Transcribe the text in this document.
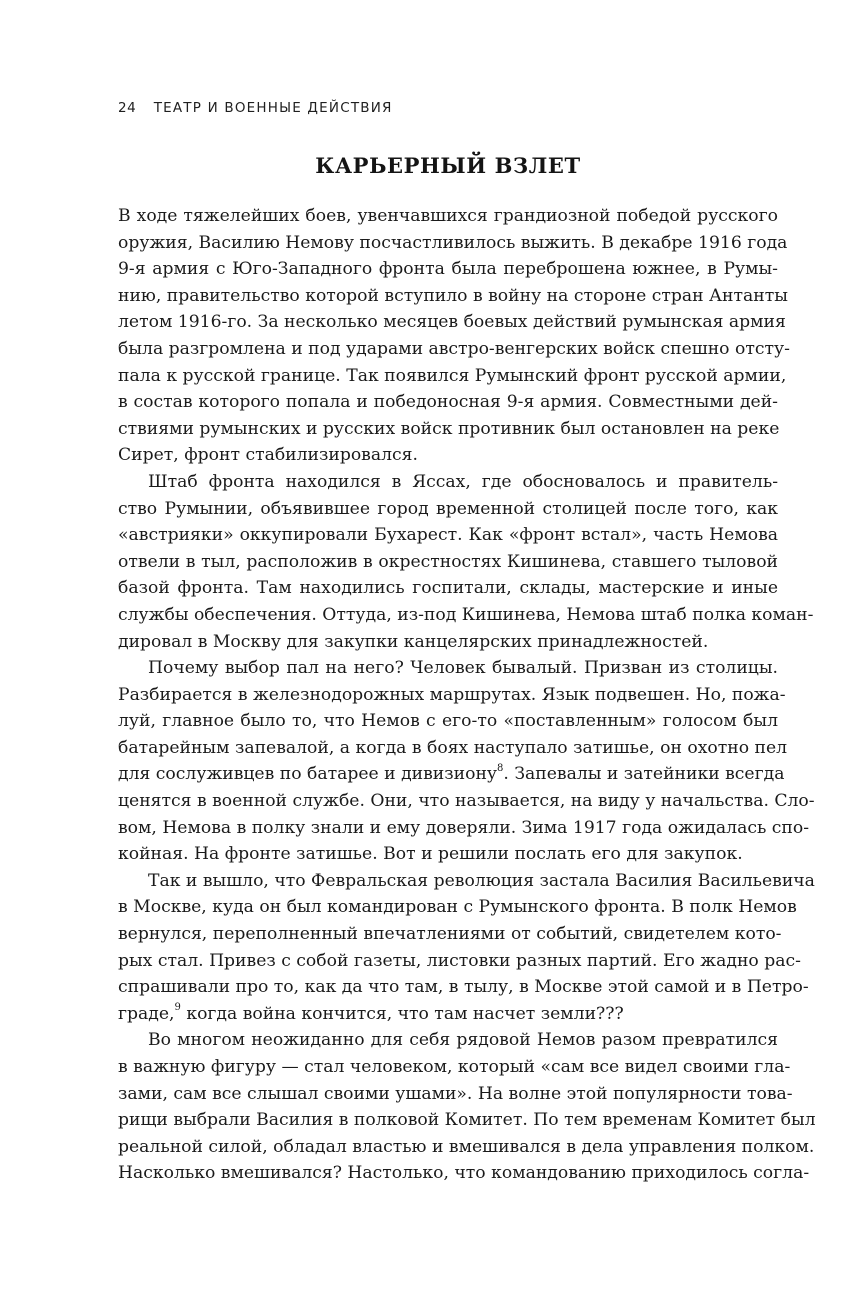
24 ТЕАТР И ВОЕННЫЕ ДЕЙСТВИЯ
КАРЬЕРНЫЙ ВЗЛЕТ
В ходе тяжелейших боев, увенчавшихся грандиозной победой русского
оружия, Василию Немову посчастливилось выжить. В декабре 1916 года
9-я армия с Юго-Западного фронта была переброшена южнее, в Румы-
нию, правительство которой вступило в войну на стороне стран Антанты
летом 1916-го. За несколько месяцев боевых действий румынская армия
была разгромлена и под ударами австро-венгерских войск спешно отсту-
пала к русской границе. Так появился Румынский фронт русской армии,
в состав которого попала и победоносная 9-я армия. Совместными дей-
ствиями румынских и русских войск противник был остановлен на реке
Сирет, фронт стабилизировался.
Штаб фронта находился в Яссах, где обосновалось и правитель-
ство Румынии, объявившее город временной столицей после того, как
«австрияки» оккупировали Бухарест. Как «фронт встал», часть Немова
отвели в тыл, расположив в окрестностях Кишинева, ставшего тыловой
базой фронта. Там находились госпитали, склады, мастерские и иные
службы обеспечения. Оттуда, из-под Кишинева, Немова штаб полка коман-
дировал в Москву для закупки канцелярских принадлежностей.
Почему выбор пал на него? Человек бывалый. Призван из столицы.
Разбирается в железнодорожных маршрутах. Язык подвешен. Но, пожа-
луй, главное было то, что Немов с его-то «поставленным» голосом был
батарейным запевалой, а когда в боях наступало затишье, он охотно пел
для сослуживцев по батарее и дивизиону$^8$. Запевалы и затейники всегда
ценятся в военной службе. Они, что называется, на виду у начальства. Сло-
вом, Немова в полку знали и ему доверяли. Зима 1917 года ожидалась спо-
койная. На фронте затишье. Вот и решили послать его для закупок.
Так и вышло, что Февральская революция застала Василия Васильевича
в Москве, куда он был командирован с Румынского фронта. В полк Немов
вернулся, переполненный впечатлениями от событий, свидетелем кото-
рых стал. Привез с собой газеты, листовки разных партий. Его жадно рас-
спрашивали про то, как да что там, в тылу, в Москве этой самой и в Петро-
граде,$^9$ когда война кончится, что там насчет земли???
Во многом неожиданно для себя рядовой Немов разом превратился
в важную фигуру — стал человеком, который «сам все видел своими гла-
зами, сам все слышал своими ушами». На волне этой популярности това-
рищи выбрали Василия в полковой Комитет. По тем временам Комитет был
реальной силой, обладал властью и вмешивался в дела управления полком.
Насколько вмешивался? Настолько, что командованию приходилось согла-
